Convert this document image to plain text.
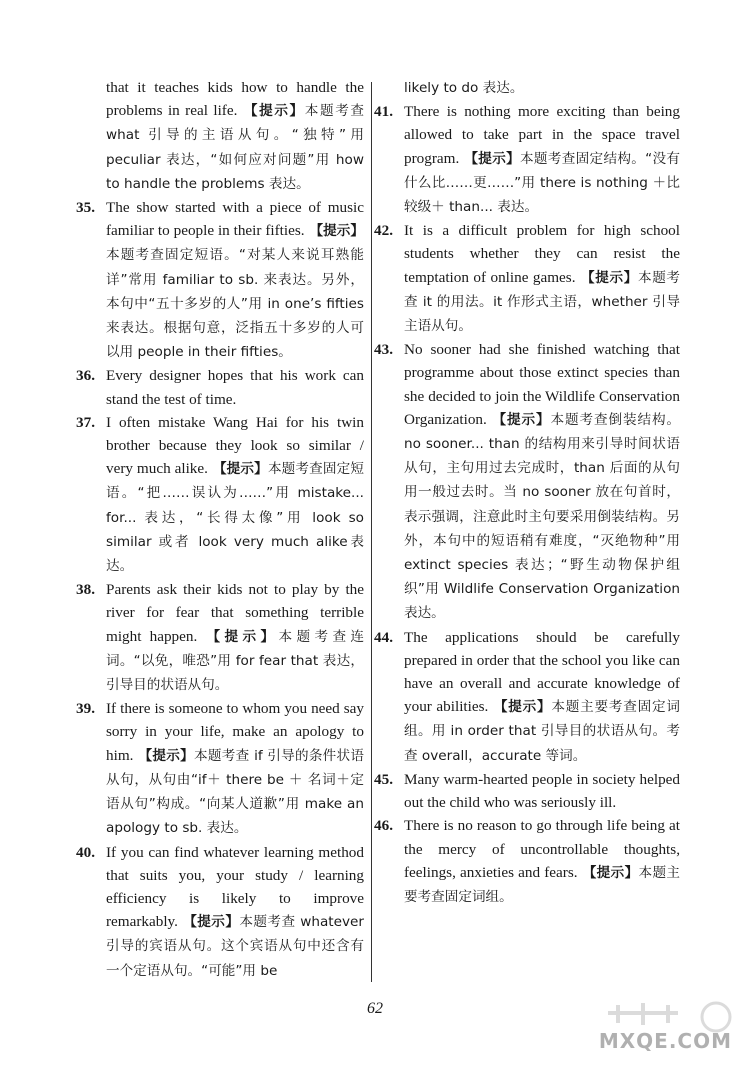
that it teaches kids how to handle the problems in real life. 【提示】本题考查what 引导的主语从句。“独特”用 peculiar 表达，“如何应对问题”用 how to handle the problems 表达。
35. The show started with a piece of music familiar to people in their fifties. 【提示】本题考查固定短语。“对某人来说耳熟能详”常用 familiar to sb. 来表达。另外，本句中“五十多岁的人”用 in one’s fifties 来表达。根据句意，泛指五十多岁的人可以用 people in their fifties。
36. Every designer hopes that his work can stand the test of time.
37. I often mistake Wang Hai for his twin brother because they look so similar / very much alike. 【提示】本题考查固定短语。“把……误认为……”用 mistake... for... 表达，“长得太像”用 look so similar 或者 look very much alike表达。
38. Parents ask their kids not to play by the river for fear that something terrible might happen. 【提示】本题考查连词。“以免，唯恐”用 for fear that 表达，引导目的状语从句。
39. If there is someone to whom you need say sorry in your life, make an apology to him. 【提示】本题考查 if 引导的条件状语从句，从句由“if＋ there be ＋ 名词＋定语从句”构成。“向某人道歉”用 make an apology to sb. 表达。
40. If you can find whatever learning method that suits you, your study / learning efficiency is likely to improve remarkably. 【提示】本题考查 whatever 引导的宾语从句。这个宾语从句中还含有一个定语从句。“可能”用 be
likely to do 表达。
41. There is nothing more exciting than being allowed to take part in the space travel program. 【提示】本题考查固定结构。“没有什么比……更……”用 there is nothing ＋比较级＋ than... 表达。
42. It is a difficult problem for high school students whether they can resist the temptation of online games. 【提示】本题考查 it 的用法。it 作形式主语，whether 引导主语从句。
43. No sooner had she finished watching that programme about those extinct species than she decided to join the Wildlife Conservation Organization. 【提示】本题考查倒装结构。no sooner... than 的结构用来引导时间状语从句，主句用过去完成时，than 后面的从句用一般过去时。当 no sooner 放在句首时，表示强调，注意此时主句要采用倒装结构。另外，本句中的短语稍有难度，“灭绝物种”用 extinct species 表达；“野生动物保护组织”用 Wildlife Conservation Organization 表达。
44. The applications should be carefully prepared in order that the school you like can have an overall and accurate knowledge of your abilities. 【提示】本题主要考查固定词组。用 in order that 引导目的状语从句。考查 overall，accurate 等词。
45. Many warm-hearted people in society helped out the child who was seriously ill.
46. There is no reason to go through life being at the mercy of uncontrollable thoughts, feelings, anxieties and fears. 【提示】本题主要考查固定词组。
62
MXQE.COM
